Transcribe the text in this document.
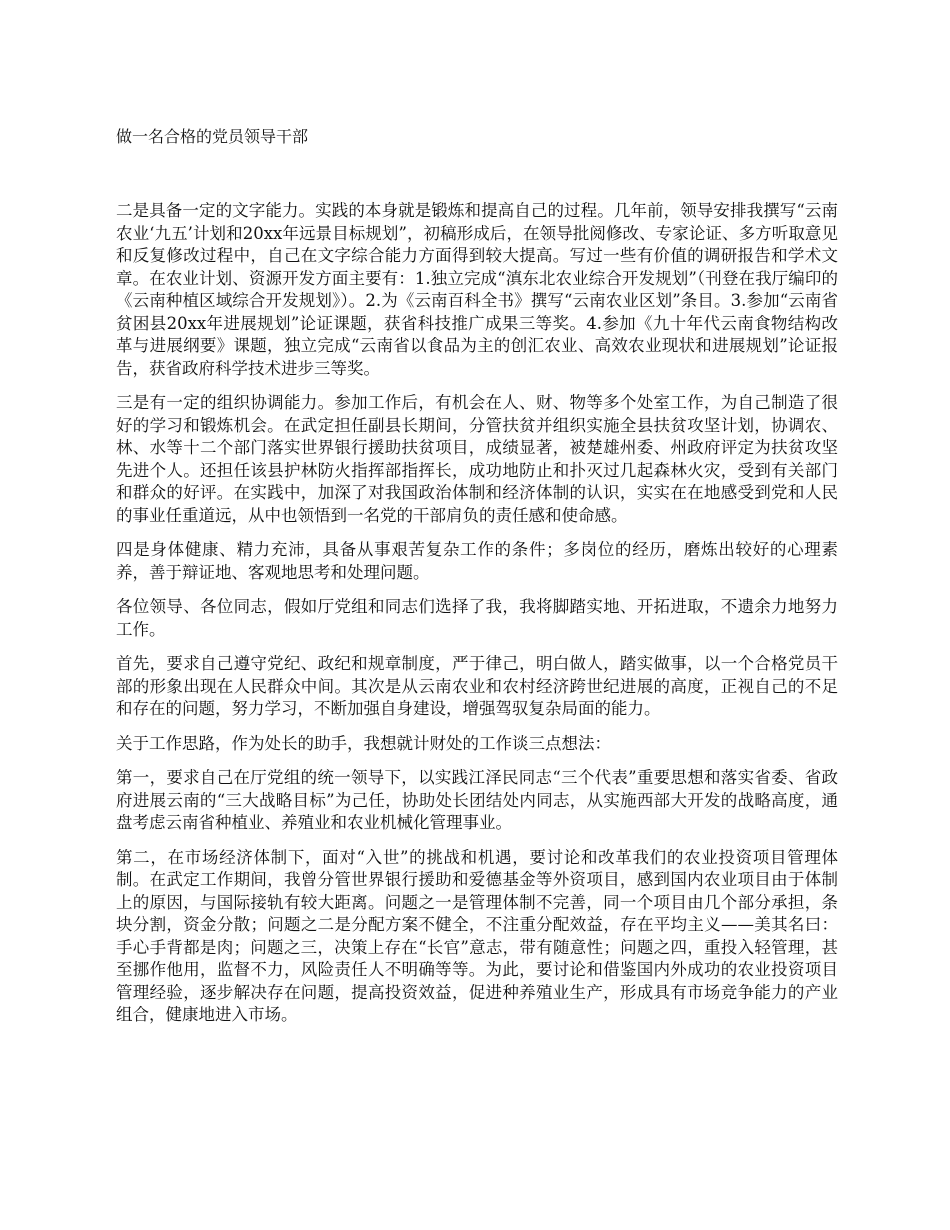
做一名合格的党员领导干部

二是具备一定的文字能力。实践的本身就是锻炼和提高自己的过程。几年前，领导安排我撰写“云南农业‘九五’计划和20xx年远景目标规划”，初稿形成后，在领导批阅修改、专家论证、多方听取意见和反复修改过程中，自己在文字综合能力方面得到较大提高。写过一些有价值的调研报告和学术文章。在农业计划、资源开发方面主要有：1.独立完成“滇东北农业综合开发规划”（刊登在我厅编印的《云南种植区域综合开发规划》）。2.为《云南百科全书》撰写“云南农业区划”条目。3.参加“云南省贫困县20xx年进展规划”论证课题，获省科技推广成果三等奖。4.参加《九十年代云南食物结构改革与进展纲要》课题，独立完成“云南省以食品为主的创汇农业、高效农业现状和进展规划”论证报告，获省政府科学技术进步三等奖。

三是有一定的组织协调能力。参加工作后，有机会在人、财、物等多个处室工作，为自己制造了很好的学习和锻炼机会。在武定担任副县长期间，分管扶贫并组织实施全县扶贫攻坚计划，协调农、林、水等十二个部门落实世界银行援助扶贫项目，成绩显著，被楚雄州委、州政府评定为扶贫攻坚先进个人。还担任该县护林防火指挥部指挥长，成功地防止和扑灭过几起森林火灾，受到有关部门和群众的好评。在实践中，加深了对我国政治体制和经济体制的认识，实实在在地感受到党和人民的事业任重道远，从中也领悟到一名党的干部肩负的责任感和使命感。

四是身体健康、精力充沛，具备从事艰苦复杂工作的条件；多岗位的经历，磨炼出较好的心理素养，善于辩证地、客观地思考和处理问题。

各位领导、各位同志，假如厅党组和同志们选择了我，我将脚踏实地、开拓进取，不遗余力地努力工作。

首先，要求自己遵守党纪、政纪和规章制度，严于律己，明白做人，踏实做事，以一个合格党员干部的形象出现在人民群众中间。其次是从云南农业和农村经济跨世纪进展的高度，正视自己的不足和存在的问题，努力学习，不断加强自身建设，增强驾驭复杂局面的能力。

关于工作思路，作为处长的助手，我想就计财处的工作谈三点想法：

第一，要求自己在厅党组的统一领导下，以实践江泽民同志“三个代表”重要思想和落实省委、省政府进展云南的“三大战略目标”为己任，协助处长团结处内同志，从实施西部大开发的战略高度，通盘考虑云南省种植业、养殖业和农业机械化管理事业。

第二，在市场经济体制下，面对“入世”的挑战和机遇，要讨论和改革我们的农业投资项目管理体制。在武定工作期间，我曾分管世界银行援助和爱德基金等外资项目，感到国内农业项目由于体制上的原因，与国际接轨有较大距离。问题之一是管理体制不完善，同一个项目由几个部分承担，条块分割，资金分散；问题之二是分配方案不健全，不注重分配效益，存在平均主义——美其名曰：手心手背都是肉；问题之三，决策上存在“长官”意志，带有随意性；问题之四，重投入轻管理，甚至挪作他用，监督不力，风险责任人不明确等等。为此，要讨论和借鉴国内外成功的农业投资项目管理经验，逐步解决存在问题，提高投资效益，促进种养殖业生产，形成具有市场竞争能力的产业组合，健康地进入市场。
